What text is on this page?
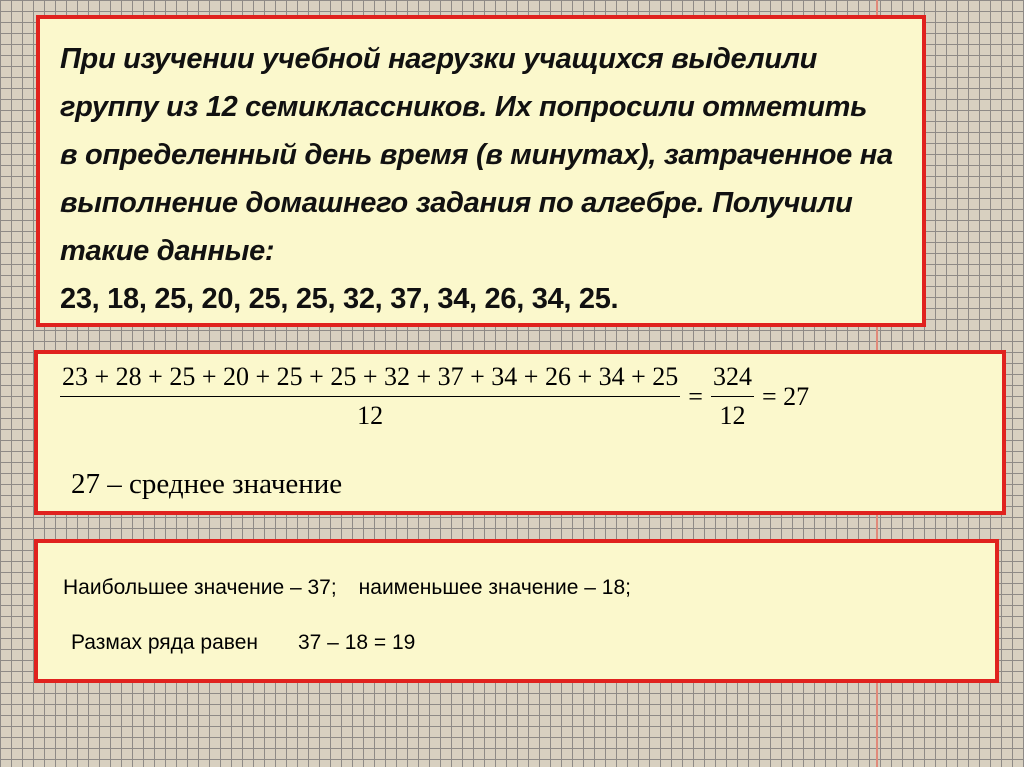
При изучении учебной нагрузки учащихся выделили
группу из 12 семиклассников. Их попросили отметить
в определенный день время (в минутах), затраченное на
выполнение домашнего задания по алгебре. Получили
такие данные:
23, 18, 25, 20, 25, 25, 32, 37, 34, 26, 34, 25.
$\frac{23 + 28 + 25 + 20 + 25 + 25 + 32 + 37 + 34 + 26 + 34 + 25}{12} = \frac{324}{12} = 27$
27 – среднее значение
Наибольшее значение – 37; наименьшее значение – 18;
Размах ряда равен 37 – 18 = 19
